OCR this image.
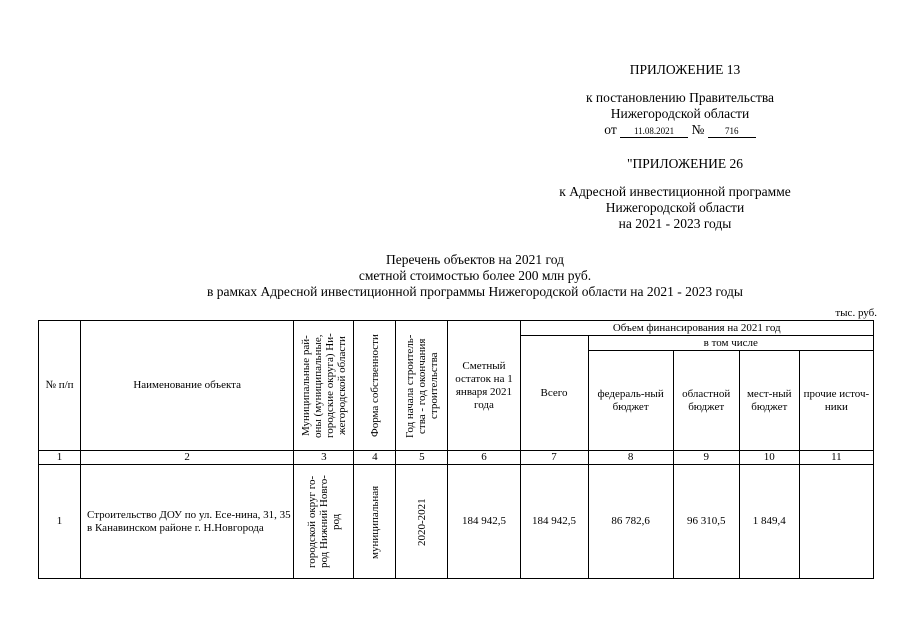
ПРИЛОЖЕНИЕ 13
к постановлению Правительства
Нижегородской области
от 11.08.2021 № 716
"ПРИЛОЖЕНИЕ 26
к Адресной инвестиционной программе
Нижегородской области
на 2021 - 2023 годы
Перечень объектов на 2021 год
сметной стоимостью более 200 млн руб.
в рамках Адресной инвестиционной программы Нижегородской области на 2021 - 2023 годы
тыс. руб.
№ п/п	Наименование объекта	Муниципальные рай-оны (муниципальные, городские округа) Ни-жегородской области	Форма собственности	Год начала строитель-ства - год окончания строительства	Сметный остаток на 1 января 2021 года	Объем финансирования на 2021 год				
						Всего	в том числе			
							федераль-ный бюджет	областной бюджет	мест-ный бюджет	прочие источ-ники
1	2	3	4	5	6	7	8	9	10	11
1	Строительство ДОУ по ул. Есе-нина, 31, 35 в Канавинском районе г. Н.Новгорода	городской округ го-род Нижний Новго-род	муниципальная	2020-2021	184 942,5	184 942,5	86 782,6	96 310,5	1 849,4	
